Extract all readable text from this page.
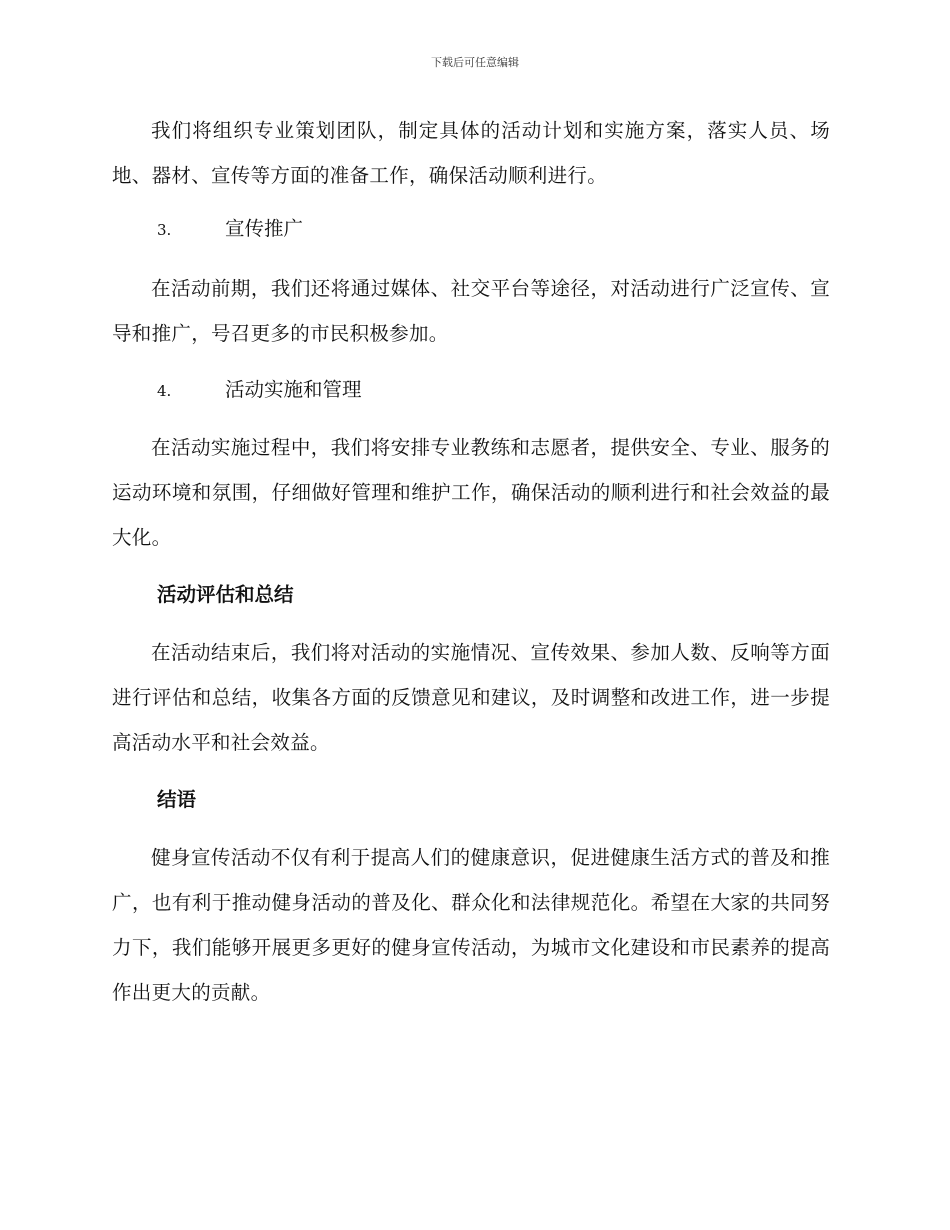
下载后可任意编辑

我们将组织专业策划团队，制定具体的活动计划和实施方案，落实人员、场地、器材、宣传等方面的准备工作，确保活动顺利进行。

3.	宣传推广

在活动前期，我们还将通过媒体、社交平台等途径，对活动进行广泛宣传、宣导和推广，号召更多的市民积极参加。

4.	活动实施和管理

在活动实施过程中，我们将安排专业教练和志愿者，提供安全、专业、服务的运动环境和氛围，仔细做好管理和维护工作，确保活动的顺利进行和社会效益的最大化。

活动评估和总结

在活动结束后，我们将对活动的实施情况、宣传效果、参加人数、反响等方面进行评估和总结，收集各方面的反馈意见和建议，及时调整和改进工作，进一步提高活动水平和社会效益。

结语

健身宣传活动不仅有利于提高人们的健康意识，促进健康生活方式的普及和推广，也有利于推动健身活动的普及化、群众化和法律规范化。希望在大家的共同努力下，我们能够开展更多更好的健身宣传活动，为城市文化建设和市民素养的提高作出更大的贡献。
